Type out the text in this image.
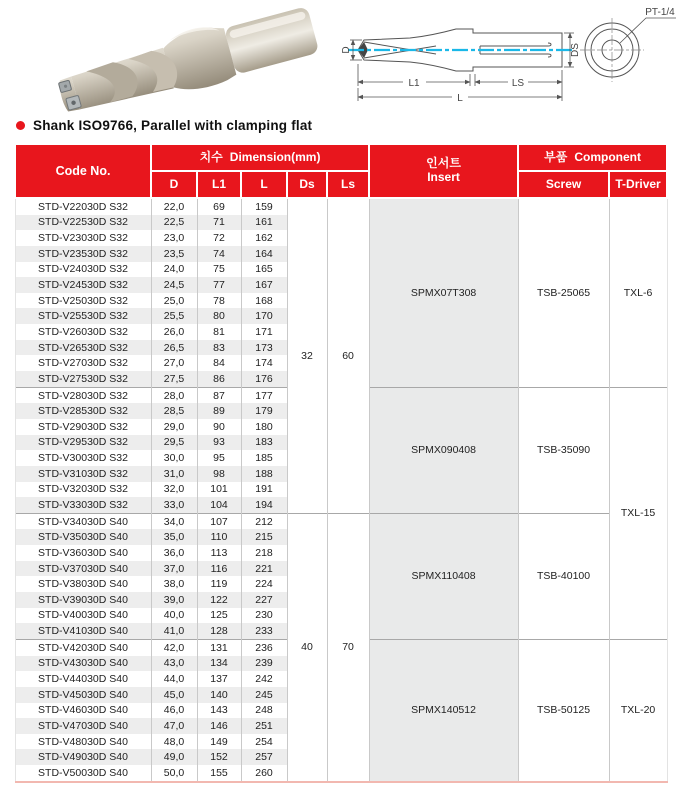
D
L1	LS
L
DS
PT-1/4
Shank ISO9766, Parallel with clamping flat
Code No.	치수 Dimension(mm)					인서트
Insert	부품 Component	
	D	L1	L	Ds	Ls		Screw	T-Driver
STD-V22030D S32	22,0	69	159	32	60	SPMX07T308	TSB-25065	TXL-6
STD-V22530D S32	22,5	71	161					
STD-V23030D S32	23,0	72	162					
STD-V23530D S32	23,5	74	164					
STD-V24030D S32	24,0	75	165					
STD-V24530D S32	24,5	77	167					
STD-V25030D S32	25,0	78	168					
STD-V25530D S32	25,5	80	170					
STD-V26030D S32	26,0	81	171					
STD-V26530D S32	26,5	83	173					
STD-V27030D S32	27,0	84	174					
STD-V27530D S32	27,5	86	176					
STD-V28030D S32	28,0	87	177			SPMX090408	TSB-35090	TXL-15
STD-V28530D S32	28,5	89	179					
STD-V29030D S32	29,0	90	180					
STD-V29530D S32	29,5	93	183					
STD-V30030D S32	30,0	95	185					
STD-V31030D S32	31,0	98	188					
STD-V32030D S32	32,0	101	191					
STD-V33030D S32	33,0	104	194					
STD-V34030D S40	34,0	107	212	40	70	SPMX110408	TSB-40100	
STD-V35030D S40	35,0	110	215					
STD-V36030D S40	36,0	113	218					
STD-V37030D S40	37,0	116	221					
STD-V38030D S40	38,0	119	224					
STD-V39030D S40	39,0	122	227					
STD-V40030D S40	40,0	125	230					
STD-V41030D S40	41,0	128	233					
STD-V42030D S40	42,0	131	236			SPMX140512	TSB-50125	TXL-20
STD-V43030D S40	43,0	134	239					
STD-V44030D S40	44,0	137	242					
STD-V45030D S40	45,0	140	245					
STD-V46030D S40	46,0	143	248					
STD-V47030D S40	47,0	146	251					
STD-V48030D S40	48,0	149	254					
STD-V49030D S40	49,0	152	257					
STD-V50030D S40	50,0	155	260					
